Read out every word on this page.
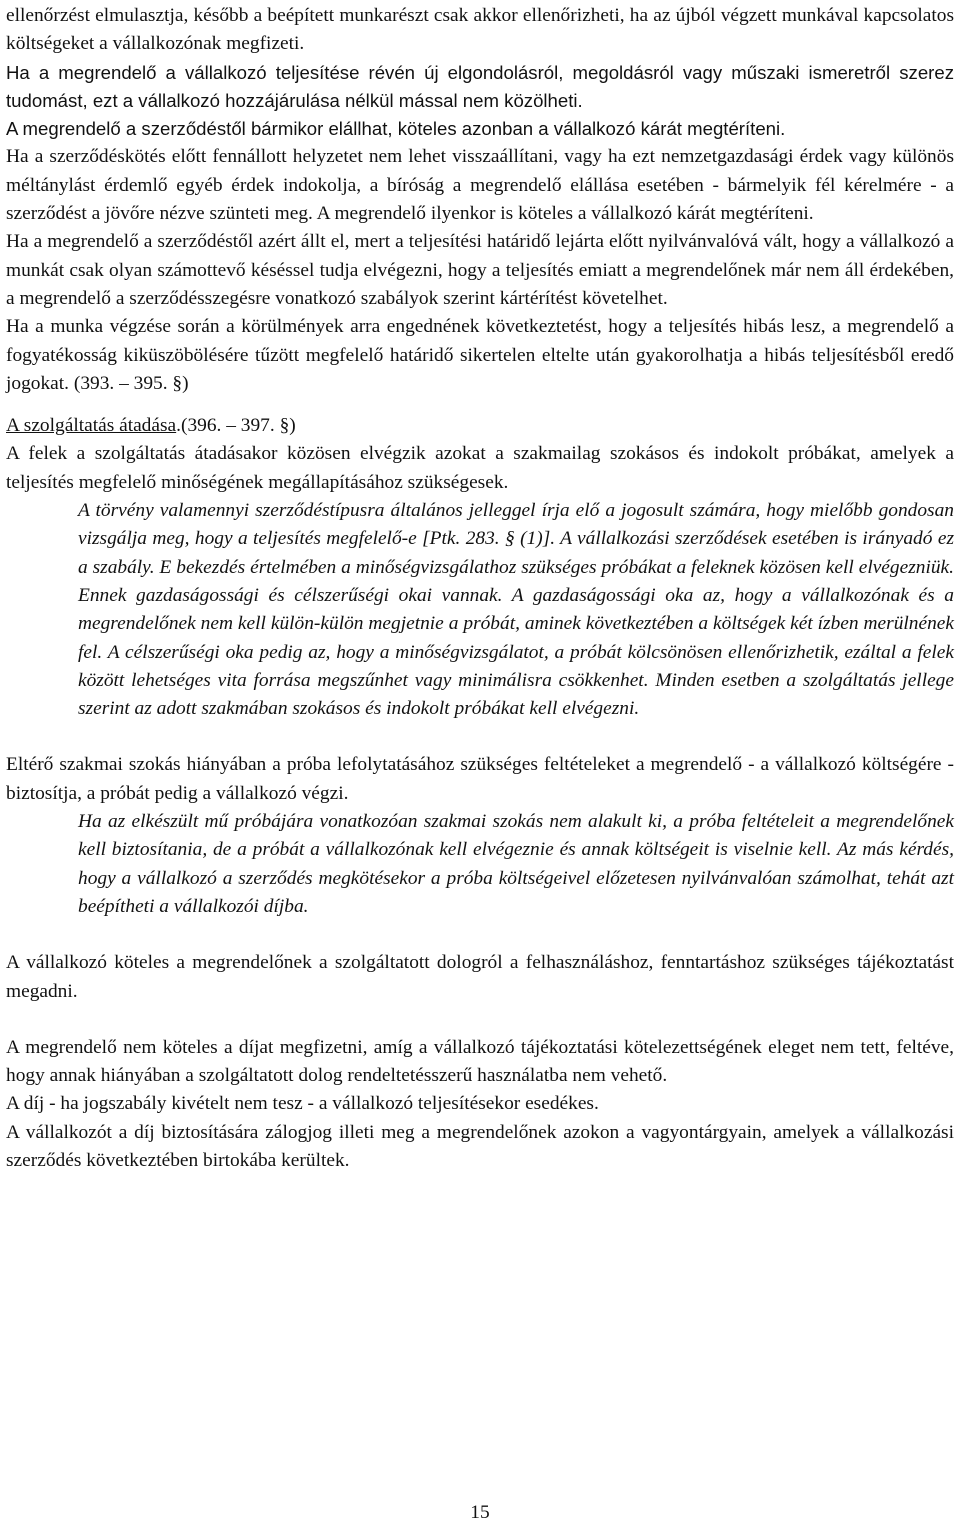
ellenőrzést elmulasztja, később a beépített munkarészt csak akkor ellenőrizheti, ha az újból végzett munkával kapcsolatos költségeket a vállalkozónak megfizeti.

Ha a megrendelő a vállalkozó teljesítése révén új elgondolásról, megoldásról vagy műszaki ismeretről szerez tudomást, ezt a vállalkozó hozzájárulása nélkül mással nem közölheti.

A megrendelő a szerződéstől bármikor elállhat, köteles azonban a vállalkozó kárát megtéríteni.

Ha a szerződéskötés előtt fennállott helyzetet nem lehet visszaállítani, vagy ha ezt nemzetgazdasági érdek vagy különös méltánylást érdemlő egyéb érdek indokolja, a bíróság a megrendelő elállása esetében - bármelyik fél kérelmére - a szerződést a jövőre nézve szünteti meg. A megrendelő ilyenkor is köteles a vállalkozó kárát megtéríteni.

Ha a megrendelő a szerződéstől azért állt el, mert a teljesítési határidő lejárta előtt nyilvánvalóvá vált, hogy a vállalkozó a munkát csak olyan számottevő késéssel tudja elvégezni, hogy a teljesítés emiatt a megrendelőnek már nem áll érdekében, a megrendelő a szerződésszegésre vonatkozó szabályok szerint kártérítést követelhet.

Ha a munka végzése során a körülmények arra engednének következtetést, hogy a teljesítés hibás lesz, a megrendelő a fogyatékosság kiküszöbölésére tűzött megfelelő határidő sikertelen eltelte után gyakorolhatja a hibás teljesítésből eredő jogokat. (393. – 395. §)

A szolgáltatás átadása.(396. – 397. §)

A felek a szolgáltatás átadásakor közösen elvégzik azokat a szakmailag szokásos és indokolt próbákat, amelyek a teljesítés megfelelő minőségének megállapításához szükségesek.

A törvény valamennyi szerződéstípusra általános jelleggel írja elő a jogosult számára, hogy mielőbb gondosan vizsgálja meg, hogy a teljesítés megfelelő-e [Ptk. 283. § (1)]. A vállalkozási szerződések esetében is irányadó ez a szabály. E bekezdés értelmében a minőségvizsgálathoz szükséges próbákat a feleknek közösen kell elvégezniük. Ennek gazdaságossági és célszerűségi okai vannak. A gazdaságossági oka az, hogy a vállalkozónak és a megrendelőnek nem kell külön-külön megjetnie a próbát, aminek következtében a költségek két ízben merülnének fel. A célszerűségi oka pedig az, hogy a minőségvizsgálatot, a próbát kölcsönösen ellenőrizhetik, ezáltal a felek között lehetséges vita forrása megszűnhet vagy minimálisra csökkenhet. Minden esetben a szolgáltatás jellege szerint az adott szakmában szokásos és indokolt próbákat kell elvégezni.

Eltérő szakmai szokás hiányában a próba lefolytatásához szükséges feltételeket a megrendelő - a vállalkozó költségére - biztosítja, a próbát pedig a vállalkozó végzi.

Ha az elkészült mű próbájára vonatkozóan szakmai szokás nem alakult ki, a próba feltételeit a megrendelőnek kell biztosítania, de a próbát a vállalkozónak kell elvégeznie és annak költségeit is viselnie kell. Az más kérdés, hogy a vállalkozó a szerződés megkötésekor a próba költségeivel előzetesen nyilvánvalóan számolhat, tehát azt beépítheti a vállalkozói díjba.

A vállalkozó köteles a megrendelőnek a szolgáltatott dologról a felhasználáshoz, fenntartáshoz szükséges tájékoztatást megadni.

A megrendelő nem köteles a díjat megfizetni, amíg a vállalkozó tájékoztatási kötelezettségének eleget nem tett, feltéve, hogy annak hiányában a szolgáltatott dolog rendeltetésszerű használatba nem vehető.

A díj - ha jogszabály kivételt nem tesz - a vállalkozó teljesítésekor esedékes.

A vállalkozót a díj biztosítására zálogjog illeti meg a megrendelőnek azokon a vagyontárgyain, amelyek a vállalkozási szerződés következtében birtokába kerültek.

15
